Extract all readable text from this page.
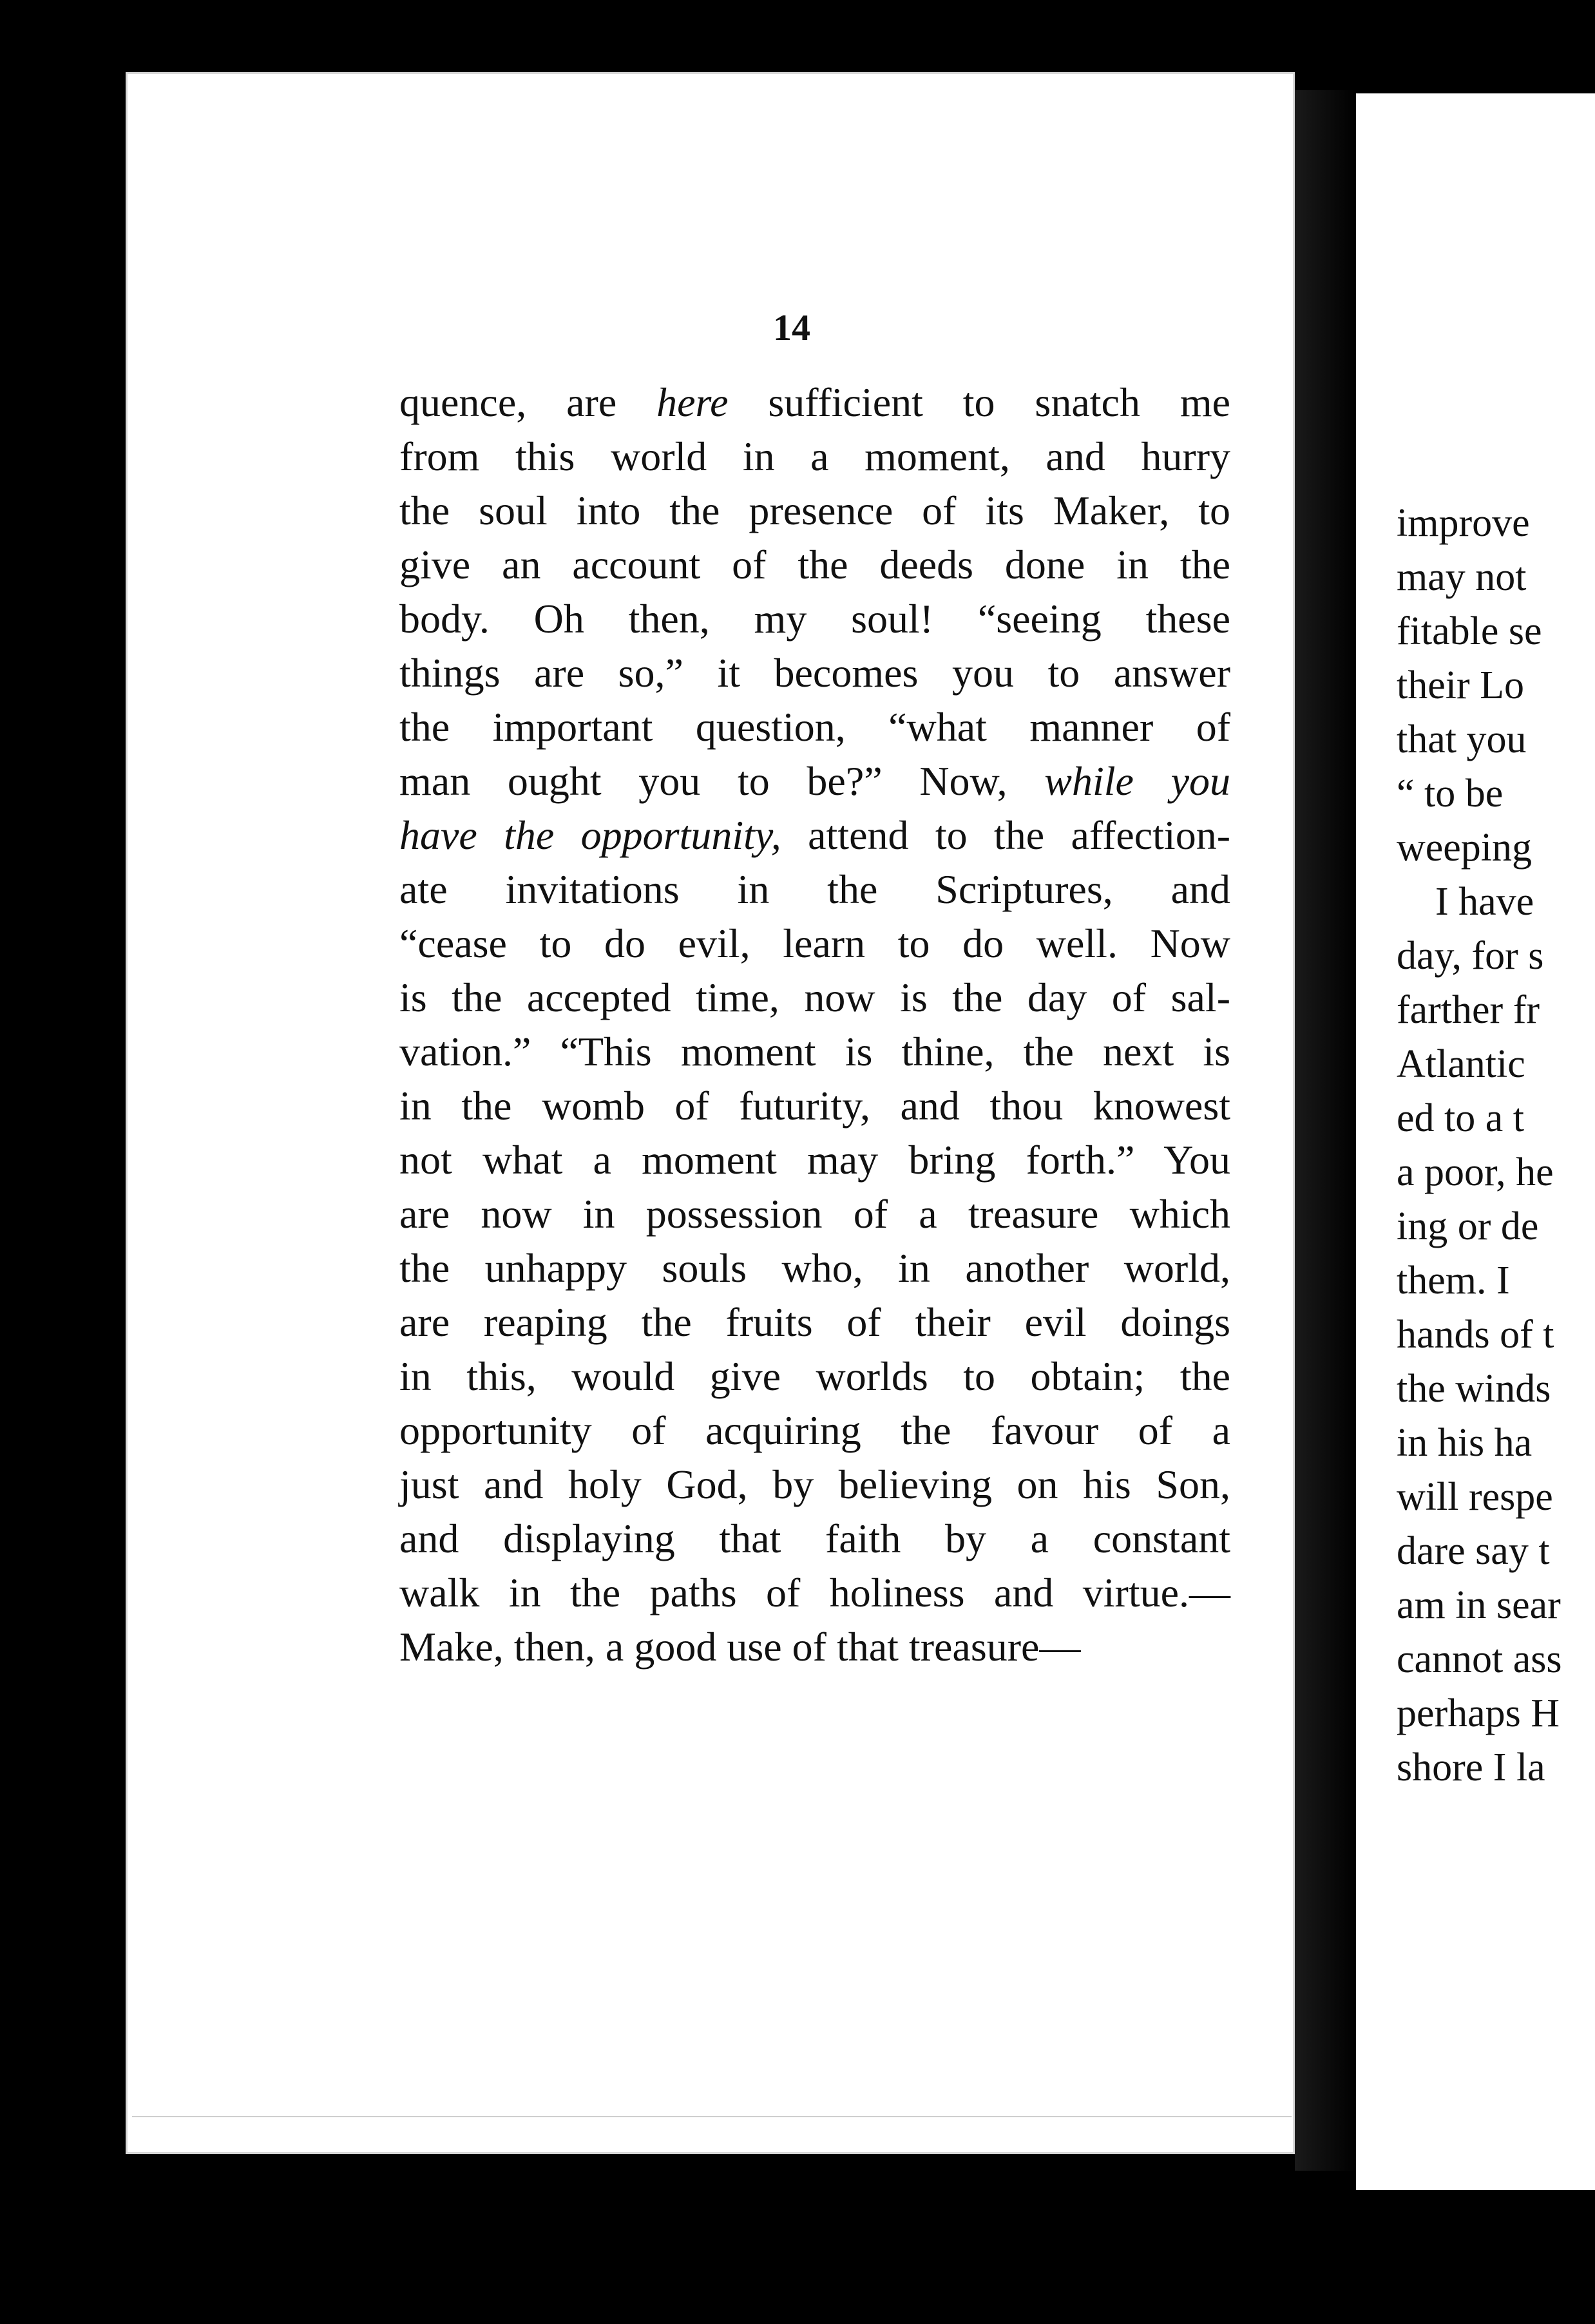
14

quence, are here sufficient to snatch me
from this world in a moment, and hurry
the soul into the presence of its Maker, to
give an account of the deeds done in the
body. Oh then, my soul! “seeing these
things are so,” it becomes you to answer
the important question, “what manner of
man ought you to be?” Now, while you
have the opportunity, attend to the affection-
ate invitations in the Scriptures, and
“cease to do evil, learn to do well. Now
is the accepted time, now is the day of sal-
vation.” “This moment is thine, the next is
in the womb of futurity, and thou knowest
not what a moment may bring forth.” You
are now in possession of a treasure which
the unhappy souls who, in another world,
are reaping the fruits of their evil doings
in this, would give worlds to obtain; the
opportunity of acquiring the favour of a
just and holy God, by believing on his Son,
and displaying that faith by a constant
walk in the paths of holiness and virtue.—
Make, then, a good use of that treasure—
improve
may not
fitable se
their Lo
that you
“ to be
weeping
I have
day, for s
farther fr
Atlantic
ed to a t
a poor, he
ing or de
them. I
hands of t
the winds
in his ha
will respe
dare say t
am in sear
cannot ass
perhaps H
shore I la
